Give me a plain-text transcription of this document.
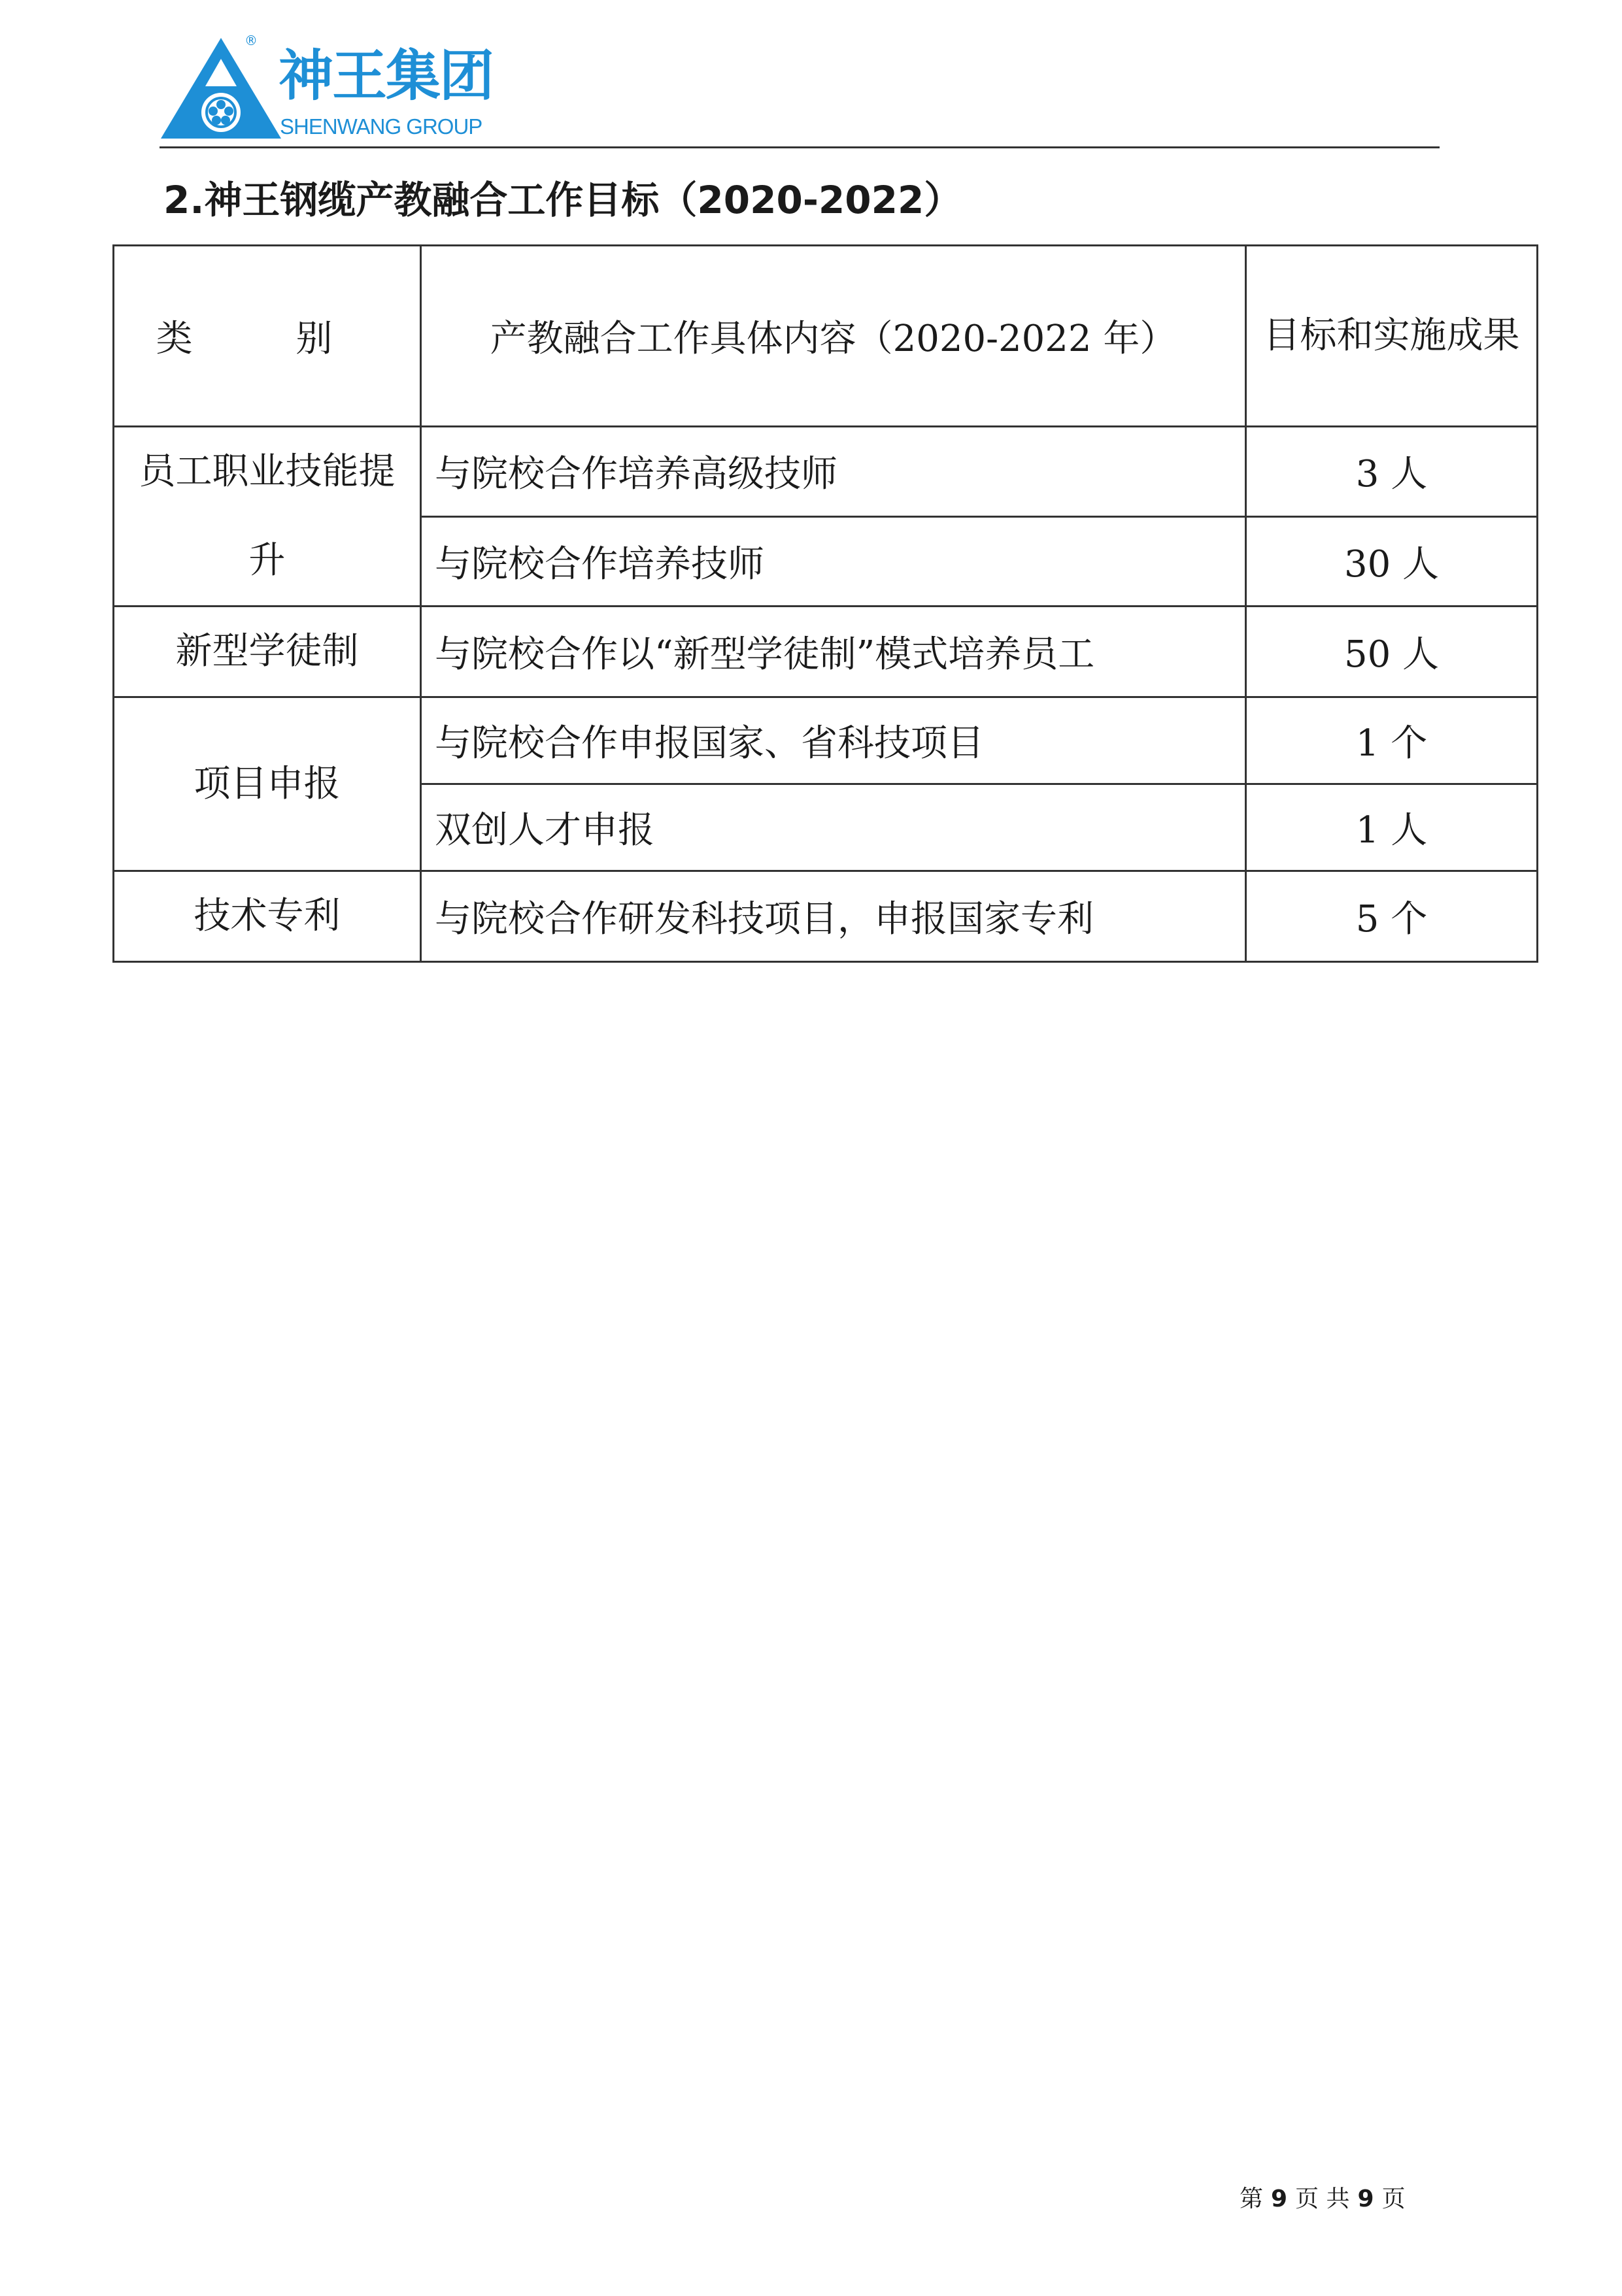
®
神王集团
SHENWANG GROUP
2.神王钢缆产教融合工作目标（2020-2022）
类 别	产教融合工作具体内容（2020-2022 年）	目标和实施成果
员工职业技能提升	与院校合作培养高级技师	3 人
	与院校合作培养技师	30 人
新型学徒制	与院校合作以“新型学徒制”模式培养员工	50 人
项目申报	与院校合作申报国家、省科技项目	1 个
	双创人才申报	1 人
技术专利	与院校合作研发科技项目，申报国家专利	5 个
第 9 页 共 9 页
